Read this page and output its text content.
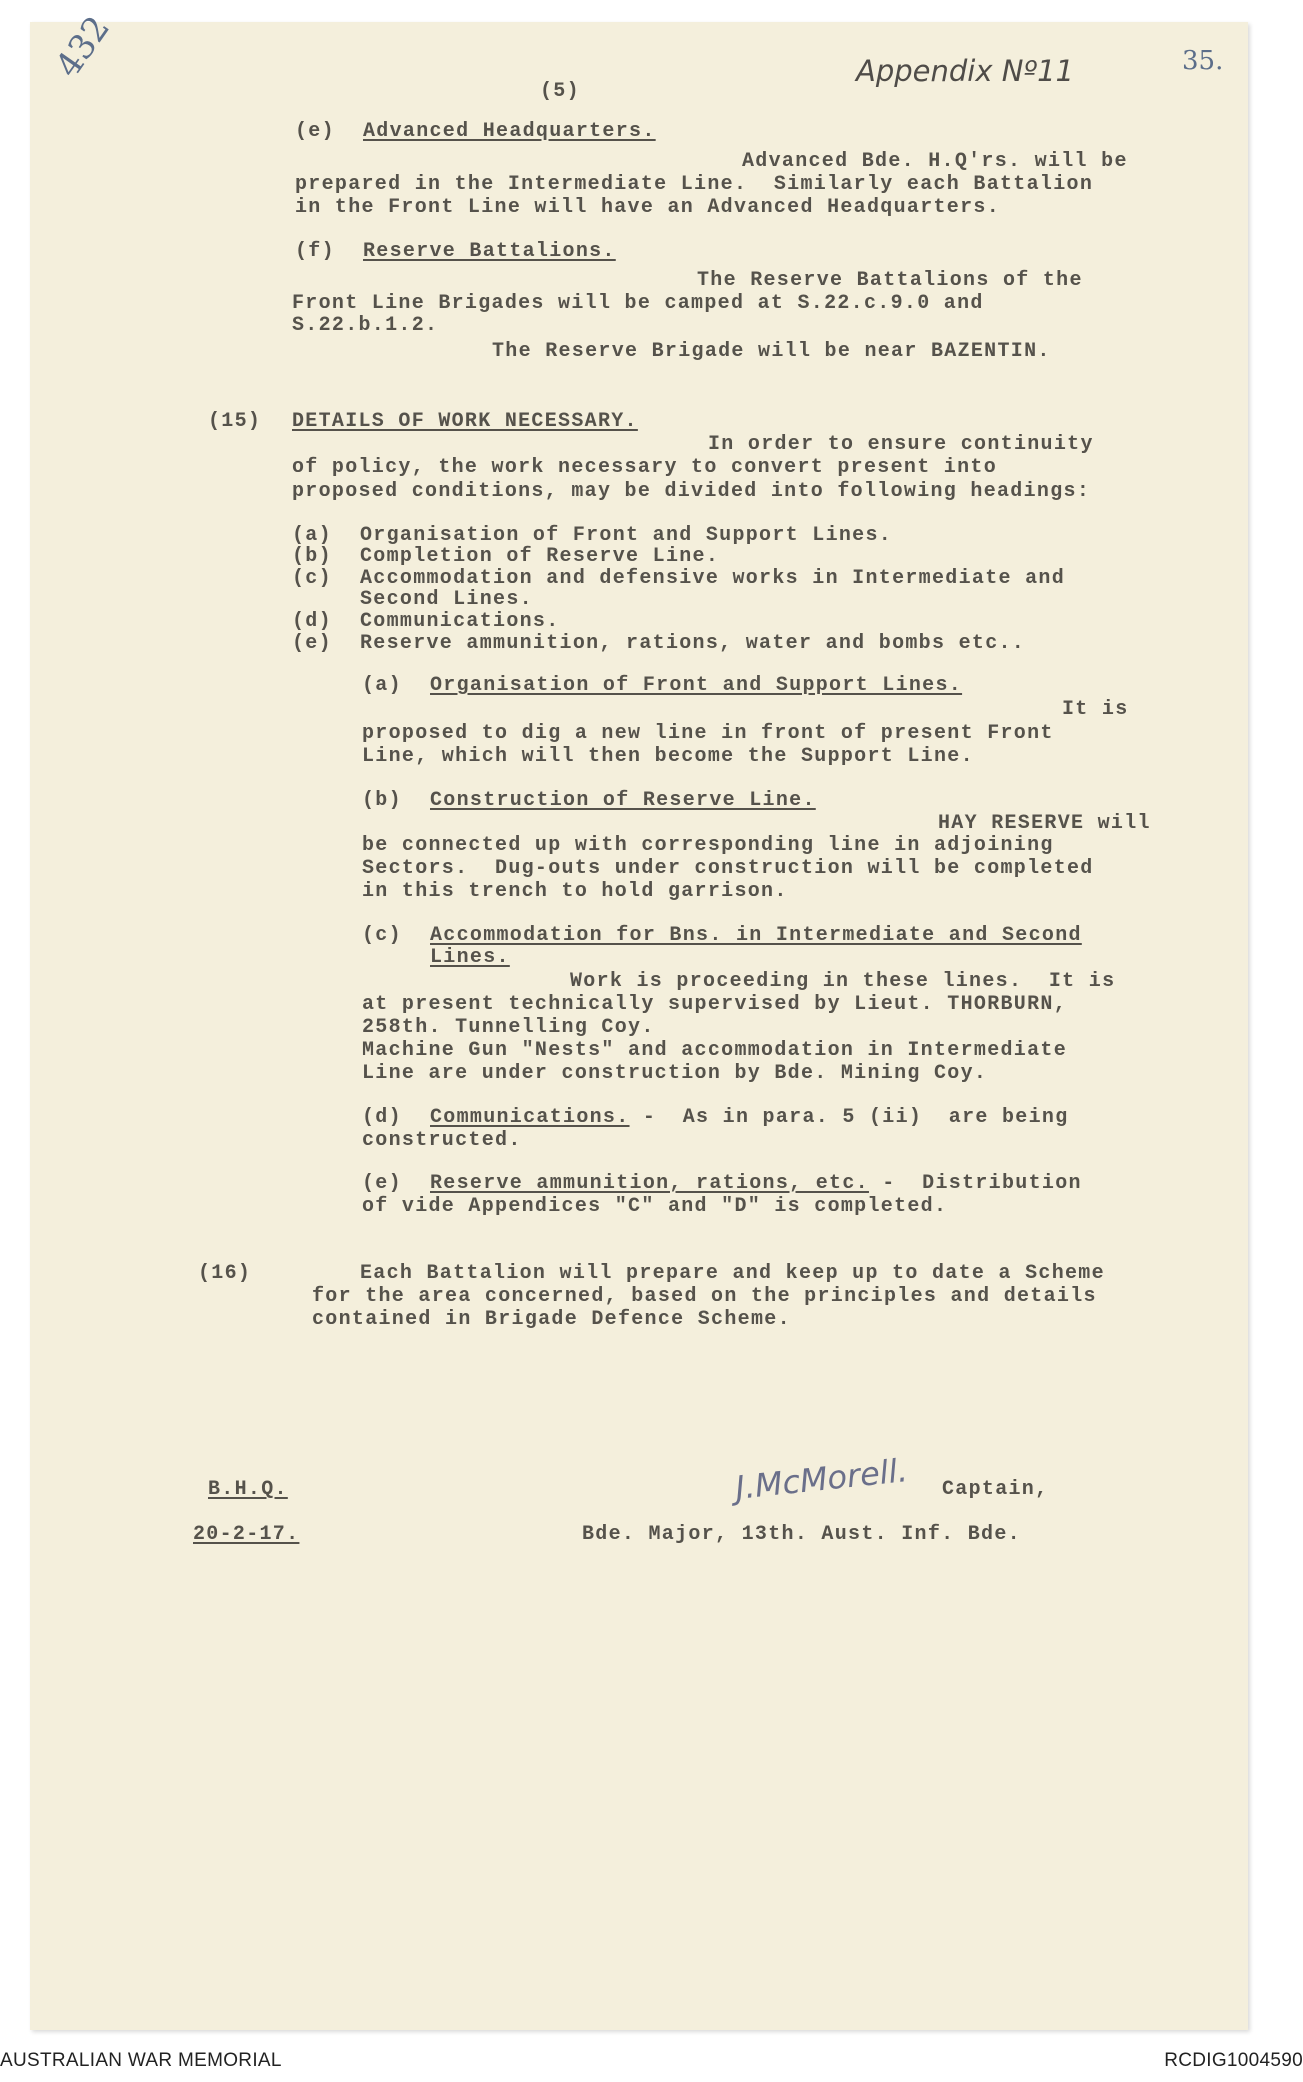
432
(5)
Appendix Nº11	35.
(e) Advanced Headquarters.
Advanced Bde. H.Q'rs. will be
prepared in the Intermediate Line.  Similarly each Battalion
in the Front Line will have an Advanced Headquarters.
(f) Reserve Battalions.
The Reserve Battalions of the
Front Line Brigades will be camped at S.22.c.9.0 and
S.22.b.1.2.
The Reserve Brigade will be near BAZENTIN.
(15) DETAILS OF WORK NECESSARY.
In order to ensure continuity
of policy, the work necessary to convert present into
proposed conditions, may be divided into following headings:
(a) Organisation of Front and Support Lines.
(b) Completion of Reserve Line.
(c) Accommodation and defensive works in Intermediate and
Second Lines.
(d) Communications.
(e) Reserve ammunition, rations, water and bombs etc..
(a) Organisation of Front and Support Lines.
It is
proposed to dig a new line in front of present Front
Line, which will then become the Support Line.
(b) Construction of Reserve Line.
HAY RESERVE will
be connected up with corresponding line in adjoining
Sectors.  Dug-outs under construction will be completed
in this trench to hold garrison.
(c) Accommodation for Bns. in Intermediate and Second
Lines.
Work is proceeding in these lines.  It is
at present technically supervised by Lieut. THORBURN,
258th. Tunnelling Coy.
Machine Gun "Nests" and accommodation in Intermediate
Line are under construction by Bde. Mining Coy.
(d) Communications. -  As in para. 5 (ii)  are being
constructed.
(e) Reserve ammunition, rations, etc. -  Distribution
of vide Appendices "C" and "D" is completed.
(16)	Each Battalion will prepare and keep up to date a Scheme
for the area concerned, based on the principles and details
contained in Brigade Defence Scheme.
B.H.Q.
20-2-17.
J.McMorell. Captain,
Bde. Major, 13th. Aust. Inf. Bde.
AUSTRALIAN WAR MEMORIAL	RCDIG1004590
